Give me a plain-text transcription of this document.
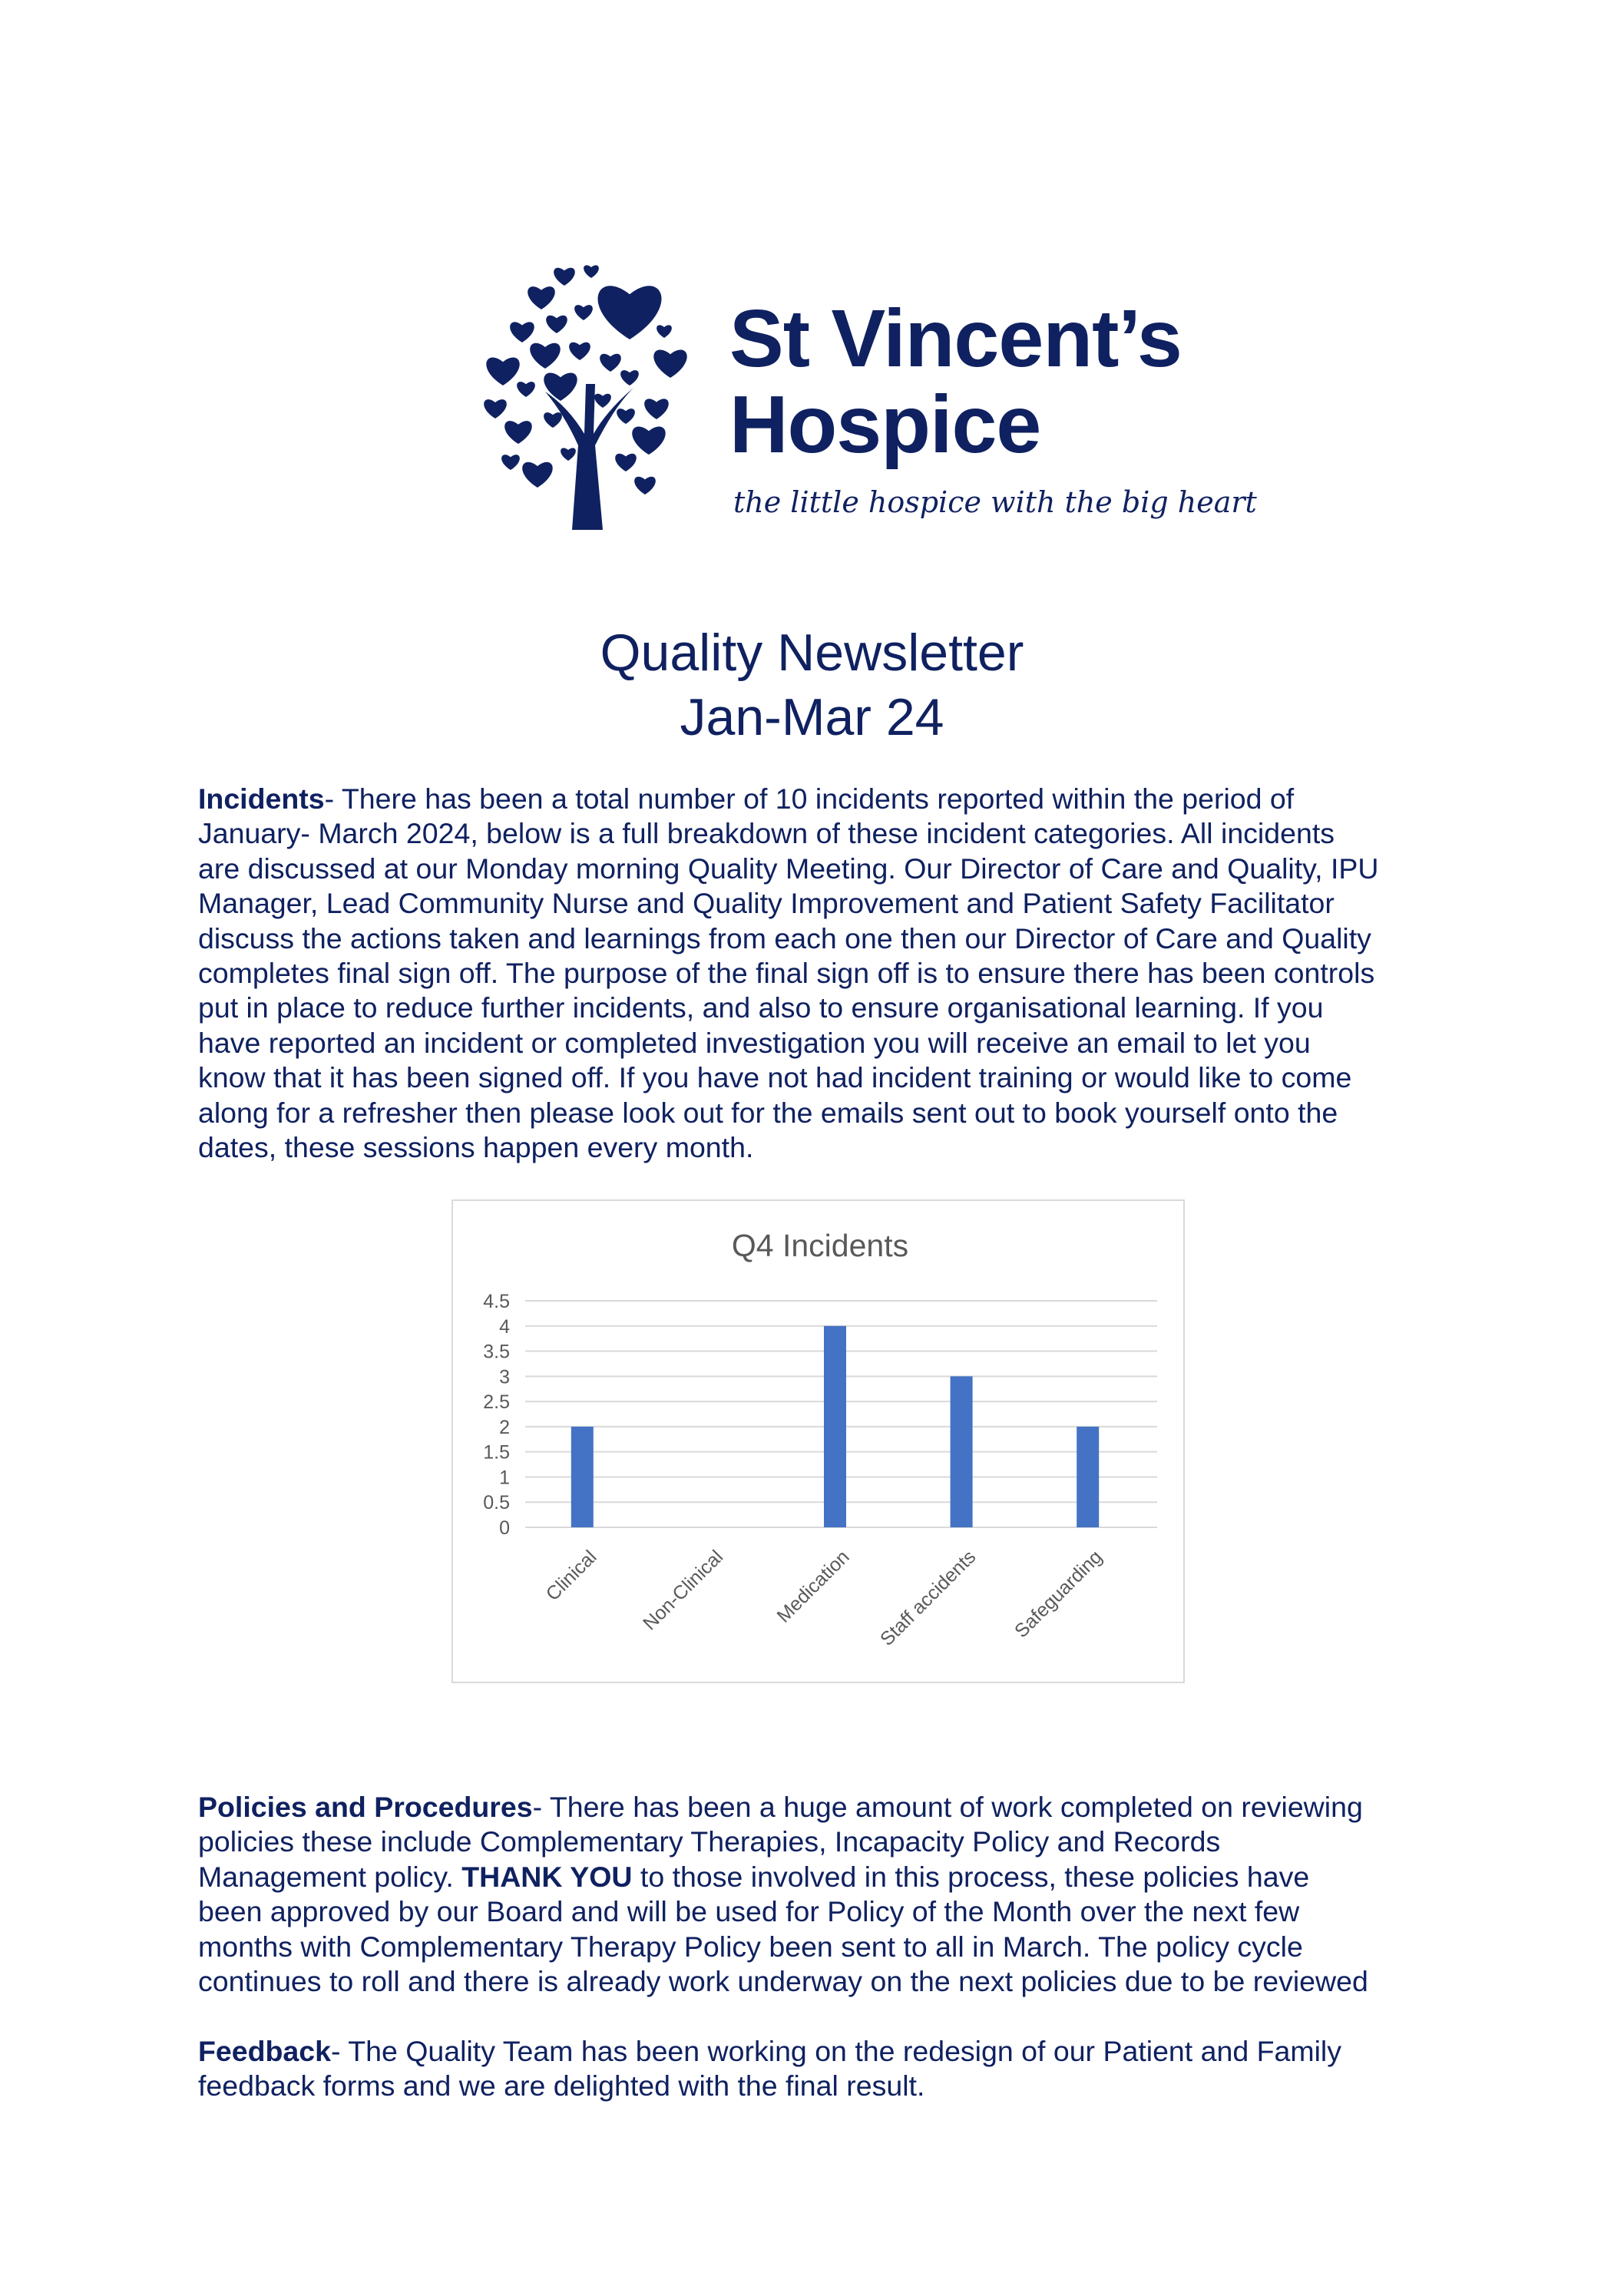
St Vincent’s
Hospice
the little hospice with the big heart
Quality Newsletter
Jan-Mar 24
Incidents- There has been a total number of 10 incidents reported within the period of
January- March 2024, below is a full breakdown of these incident categories. All incidents
are discussed at our Monday morning Quality Meeting. Our Director of Care and Quality, IPU
Manager, Lead Community Nurse and Quality Improvement and Patient Safety Facilitator
discuss the actions taken and learnings from each one then our Director of Care and Quality
completes final sign off. The purpose of the final sign off is to ensure there has been controls
put in place to reduce further incidents, and also to ensure organisational learning. If you
have reported an incident or completed investigation you will receive an email to let you
know that it has been signed off. If you have not had incident training or would like to come
along for a refresher then please look out for the emails sent out to book yourself onto the
dates, these sessions happen every month.
Q4 Incidents
0
0.5
1
1.5
2
2.5
3
3.5
4
4.5
Clinical Non-Clinical Medication Staff accidents Safeguarding
Policies and Procedures- There has been a huge amount of work completed on reviewing
policies these include Complementary Therapies, Incapacity Policy and Records
Management policy. THANK YOU to those involved in this process, these policies have
been approved by our Board and will be used for Policy of the Month over the next few
months with Complementary Therapy Policy been sent to all in March. The policy cycle
continues to roll and there is already work underway on the next policies due to be reviewed
Feedback- The Quality Team has been working on the redesign of our Patient and Family
feedback forms and we are delighted with the final result.
